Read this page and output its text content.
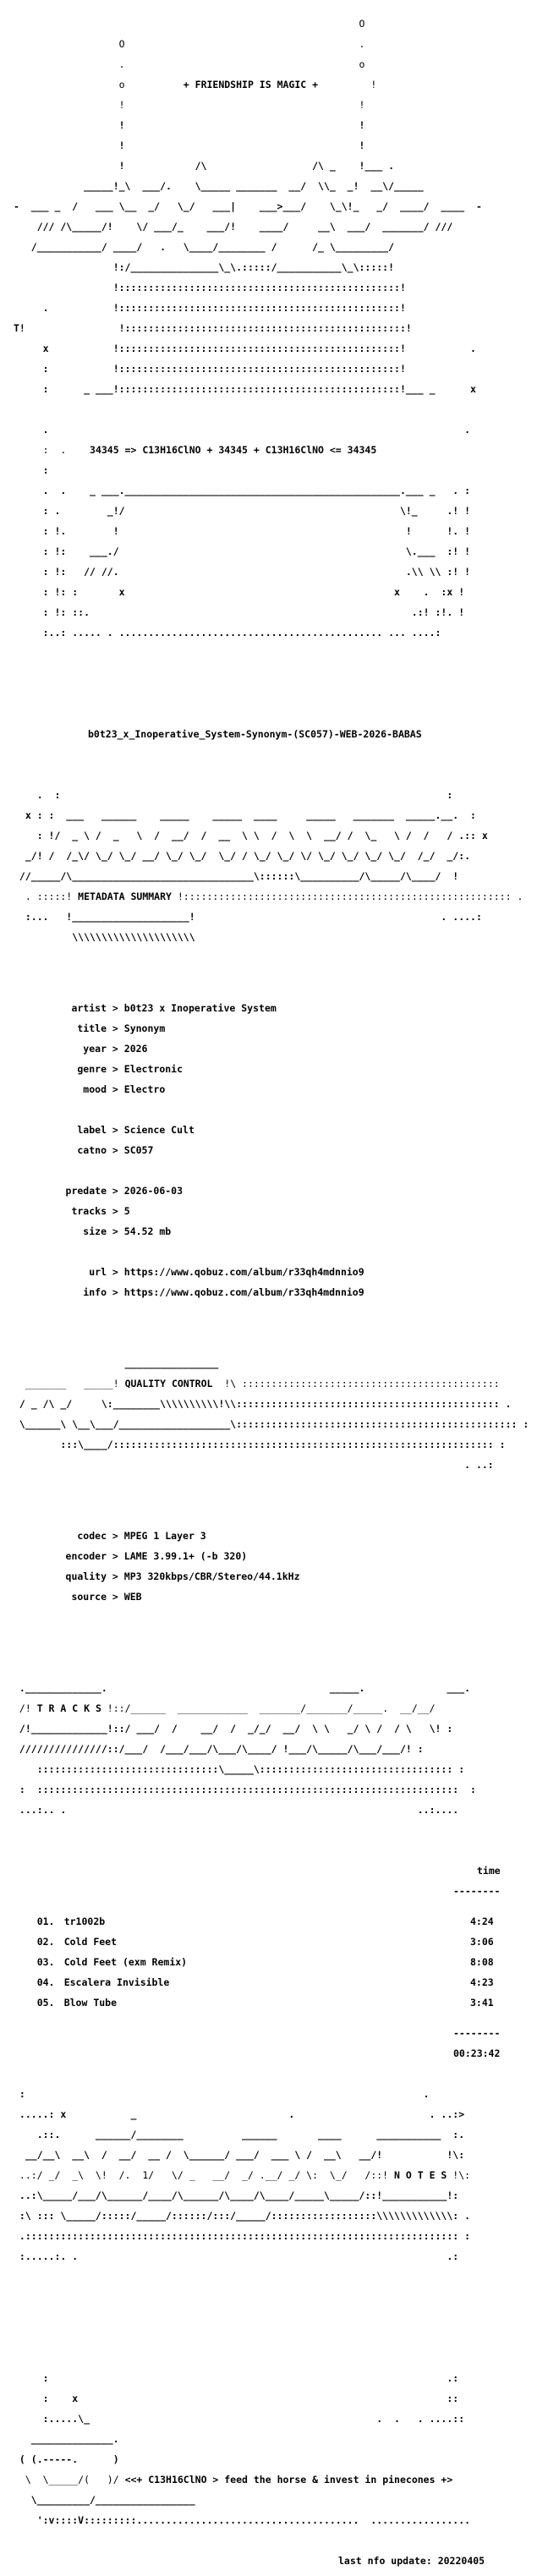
O

O                                        .

.                                        o

o          + FRIENDSHIP IS MAGIC +         !

!                                        !

!                                        !

!                                        !

!            /\                  /\ _    !___ .

_____!_\  ___/.    \_____ _______  __/  \\_  _!  __\/_____

-  ___ _  /   ___ \__  _/   \_/   ___|    ___>___/    \_\!_   _/  ____/  ____  -

/// /\_____/!    \/ ___/_    ___/!    ____/     __\  ___/  _______/ ///

/___________/ ____/   .   \____/________ /      /_ \_________/

!:/_______________\_\.:::::/___________\_\:::::!

!::::::::::::::::::::::::::::::::::::::::::::::::!

.           !::::::::::::::::::::::::::::::::::::::::::::::::!

T!                !::::::::::::::::::::::::::::::::::::::::::::::::!

x           !::::::::::::::::::::::::::::::::::::::::::::::::!           .

:           !::::::::::::::::::::::::::::::::::::::::::::::::!

:      _ ___!::::::::::::::::::::::::::::::::::::::::::::::::!___ _      x

.                                                                       .

:  .    34345 => C13H16ClNO + 34345 + C13H16ClNO <= 34345

:

.  .    _ ___._______________________________________________.___ _   . :

: .        _!/                                               \!_     .! !

: !.        !                                                 !      !. !

: !:    ___./                                                 \.___  :! !

: !:   // //.                                                 .\\ \\ :! !

: !: :       x                                              x    .  :x !

: !: ::.                                                       .:! :!. !

:..: ..... . ............................................. ... ....:

b0t23_x_Inoperative_System-Synonym-(SC057)-WEB-2026-BABAS

.  :                                                                  :

x : :  ___   ______    _____    _____  ____     _____   _______  _____.__.  :

: !/  _ \ /  _   \  /  __/  /  __  \ \  /  \  \  __/ /  \_   \ /  /   / .:: x

_/! /  /_\/ \_/ \_/ __/ \_/ \_/  \_/ / \_/ \_/ \/ \_/ \_/ \_/ \_/  /_/  _/:.

//_____/\_______________________________\::::::\__________/\_____/\____/  !

. :::::! METADATA SUMMARY !:::::::::::::::::::::::::::::::::::::::::::::::::::::::: .

:...   !____________________!                                          . ....:

\\\\\\\\\\\\\\\\\\\\\

artist > b0t23 x Inoperative System

title > Synonym

year > 2026

genre > Electronic

mood > Electro

label > Science Cult

catno > SC057

predate > 2026-06-03

tracks > 5

size > 54.52 mb

url > https://www.qobuz.com/album/r33qh4mdnnio9

info > https://www.qobuz.com/album/r33qh4mdnnio9

________________

_______   _____! QUALITY CONTROL  !\ ::::::::::::::::::::::::::::::::::::::::::::

/ _ /\ _/     \:________\\\\\\\\\\!\\::::::::::::::::::::::::::::::::::::::::::::: .

\______\ \__\___/___________________\:::::::::::::::::::::::::::::::::::::::::::::::: :

:::\____/::::::::::::::::::::::::::::::::::::::::::::::::::::::::::::::::: :

. ..:

codec > MPEG 1 Layer 3

encoder > LAME 3.99.1+ (-b 320)

quality > MP3 320kbps/CBR/Stereo/44.1kHz

source > WEB

._____________.                                      _____.              ___.

/! T R A C K S !::/______  ____________  _______/_______/_____.  __/__/

/!_____________!::/ ___/  /    __/  /  _/_/  __/  \ \   _/ \ /  / \   \! :

///////////////::/___/  /___/___/\___/\____/ !___/\_____/\___/___/! :

:::::::::::::::::::::::::::::::\_____\::::::::::::::::::::::::::::::::: :

:  ::::::::::::::::::::::::::::::::::::::::::::::::::::::::::::::::::::::::  :

...:.. .                                                            ..:....

time

--------

01. tr1002b	4:24

02. Cold Feet	3:06

03. Cold Feet (exm Remix)	8:08

04. Escalera Invisible	4:23

05. Blow Tube	3:41

--------

00:23:42

:                                                                    .

.....: x           _                          .                       . ..:>

.::.      ______/________          ______       ____      ___________  :.

__/__\  __\  /  __/  __ /  \______/ ___/  ___ \ /  __\   __/!           !\:

..:/ _/  _\  \!  /.  1/   \/ _   __/  _/ .__/ _/ \:  \_/   /::! N O T E S !\:

..:\_____/___/\______/____/\______/\____/\____/_____\_____/::!___________!:

:\ ::: \_____/:::::/_____/::::::/:::/_____/::::::::::::::::::\\\\\\\\\\\\\: .

.:::::::::::::::::::::::::::::::::::::::::::::::::::::::::::::::::::::::::: :

:.....:. .                                                               .:

:                                                                    .:

:    x                                                               ::

:.....\_                                                 .  .   . ....::

______________.

( (.-----.      )

\  \_____/(   )/ <<+ C13H16ClNO > feed the horse & invest in pinecones +>

\_________/_________________

':v::::V:::::::::......................................  .................

last nfo update: 20220405
